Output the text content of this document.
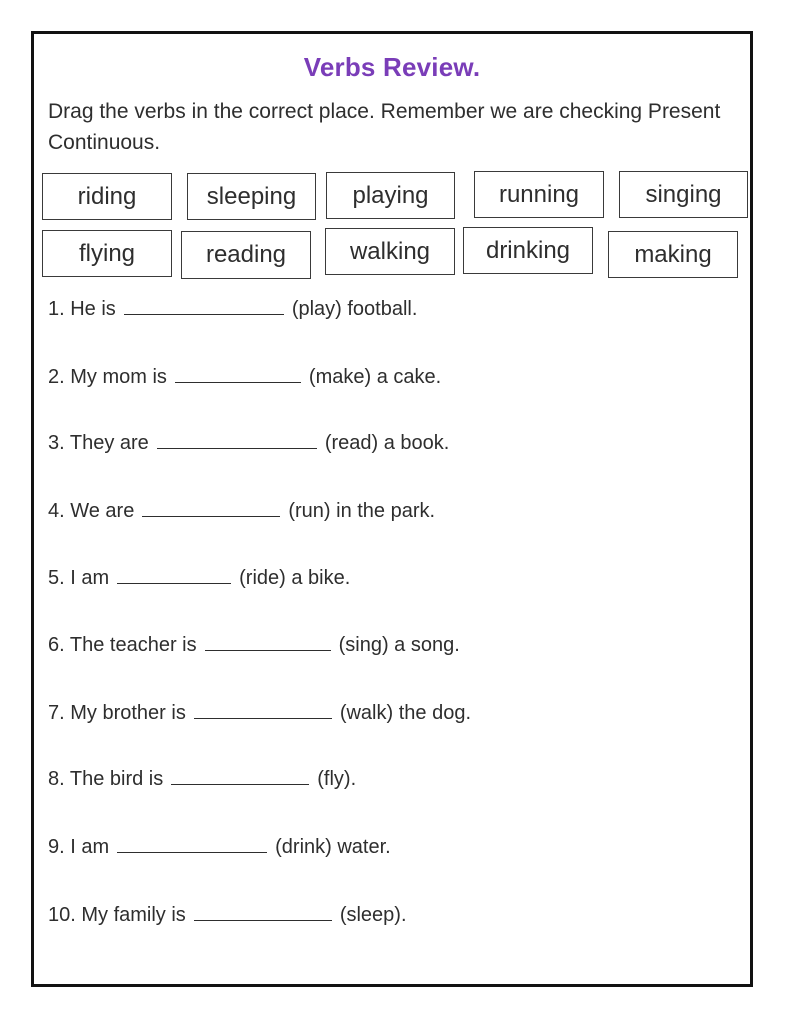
Verbs Review.
Drag the verbs in the correct place. Remember we are checking Present Continuous.
riding	sleeping	playing	running	singing
flying	reading	walking	drinking	making
1. He is	(play) football.
2. My mom is	(make) a cake.
3. They are	(read) a book.
4. We are	(run) in the park.
5. I am	(ride) a bike.
6. The teacher is	(sing) a song.
7. My brother is	(walk) the dog.
8. The bird is	(fly).
9. I am	(drink) water.
10. My family is	(sleep).
